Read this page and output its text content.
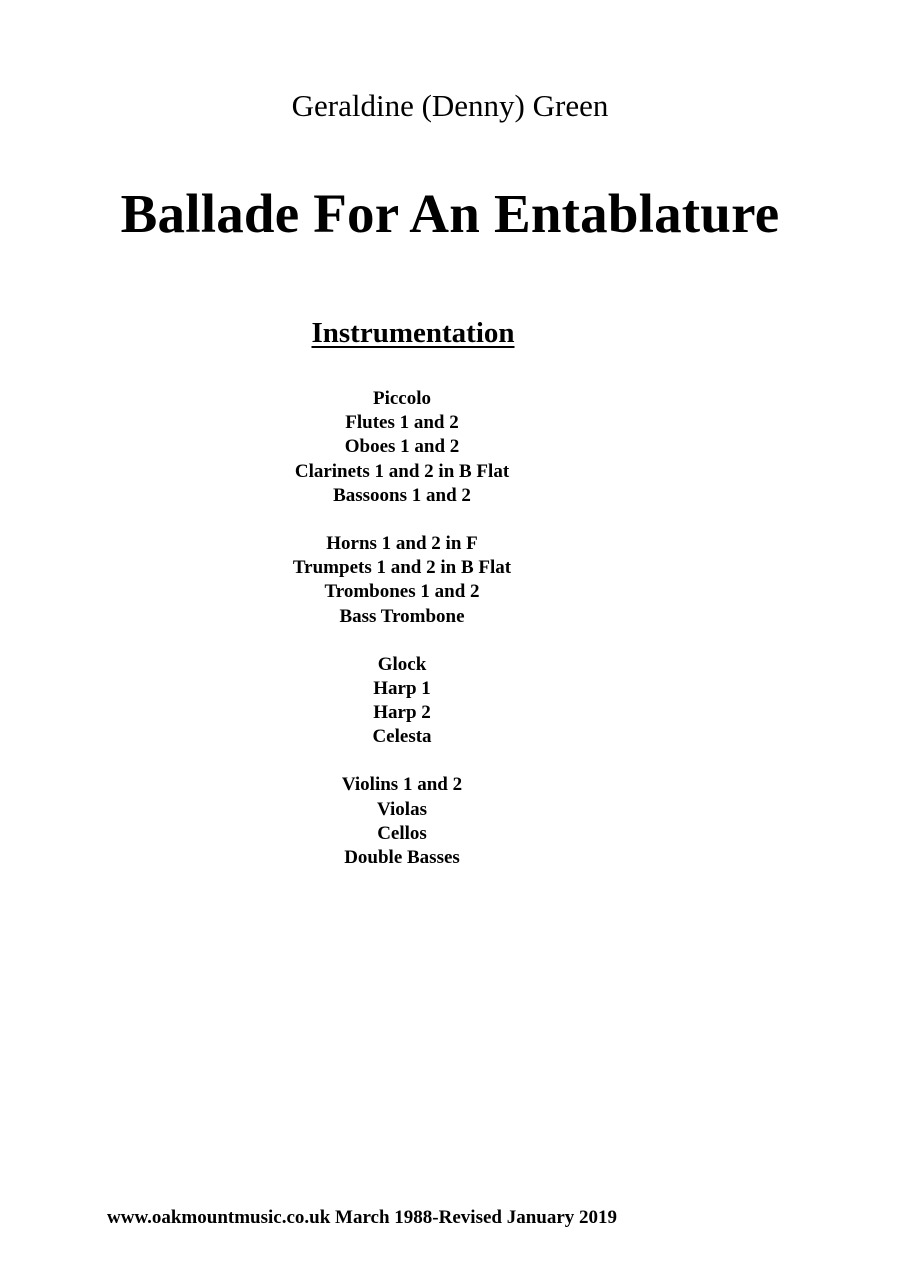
Geraldine (Denny) Green
Ballade For An Entablature
Instrumentation
Piccolo
Flutes 1 and 2
Oboes 1 and 2
Clarinets 1 and 2 in B Flat
Bassoons 1 and 2
Horns 1 and 2 in F
Trumpets 1 and 2 in B Flat
Trombones 1 and 2
Bass Trombone
Glock
Harp 1
Harp 2
Celesta
Violins 1 and 2
Violas
Cellos
Double Basses

www.oakmountmusic.co.uk March 1988-Revised January 2019
